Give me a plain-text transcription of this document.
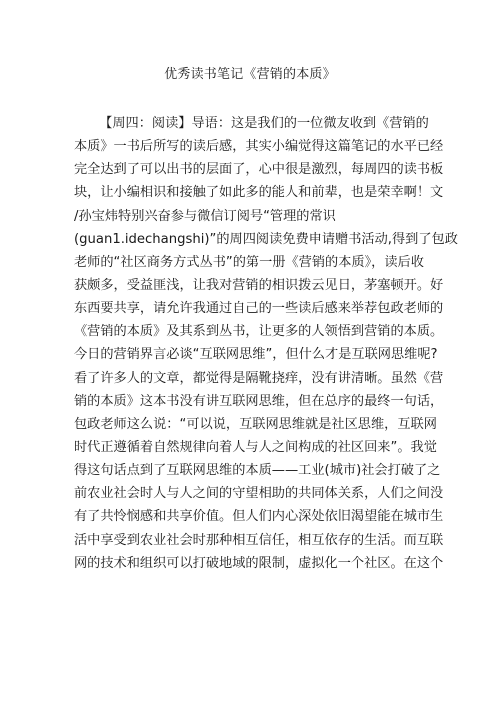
优秀读书笔记《营销的本质》
【周四：阅读】导语：这是我们的一位微友收到《营销的
本质》一书后所写的读后感，其实小编觉得这篇笔记的水平已经
完全达到了可以出书的层面了，心中很是激烈，每周四的读书板
块，让小编相识和接触了如此多的能人和前辈，也是荣幸啊！文
/孙宝炜特别兴奋参与微信订阅号“管理的常识
(guan1.idechangshi)”的周四阅读免费申请赠书活动,得到了包政
老师的“社区商务方式丛书”的第一册《营销的本质》，读后收
获颇多，受益匪浅，让我对营销的相识拨云见日，茅塞顿开。好
东西要共享，请允许我通过自己的一些读后感来举荐包政老师的
《营销的本质》及其系到丛书，让更多的人领悟到营销的本质。
今日的营销界言必谈“互联网思维”，但什么才是互联网思维呢?
看了许多人的文章，都觉得是隔靴挠痒，没有讲清晰。虽然《营
销的本质》这本书没有讲互联网思维，但在总序的最终一句话，
包政老师这么说：“可以说，互联网思维就是社区思维，互联网
时代正遵循着自然规律向着人与人之间构成的社区回来”。我觉
得这句话点到了互联网思维的本质——工业(城市)社会打破了之
前农业社会时人与人之间的守望相助的共同体关系，人们之间没
有了共怜悯感和共享价值。但人们内心深处依旧渴望能在城市生
活中享受到农业社会时那种相互信任，相互依存的生活。而互联
网的技术和组织可以打破地域的限制，虚拟化一个社区。在这个
